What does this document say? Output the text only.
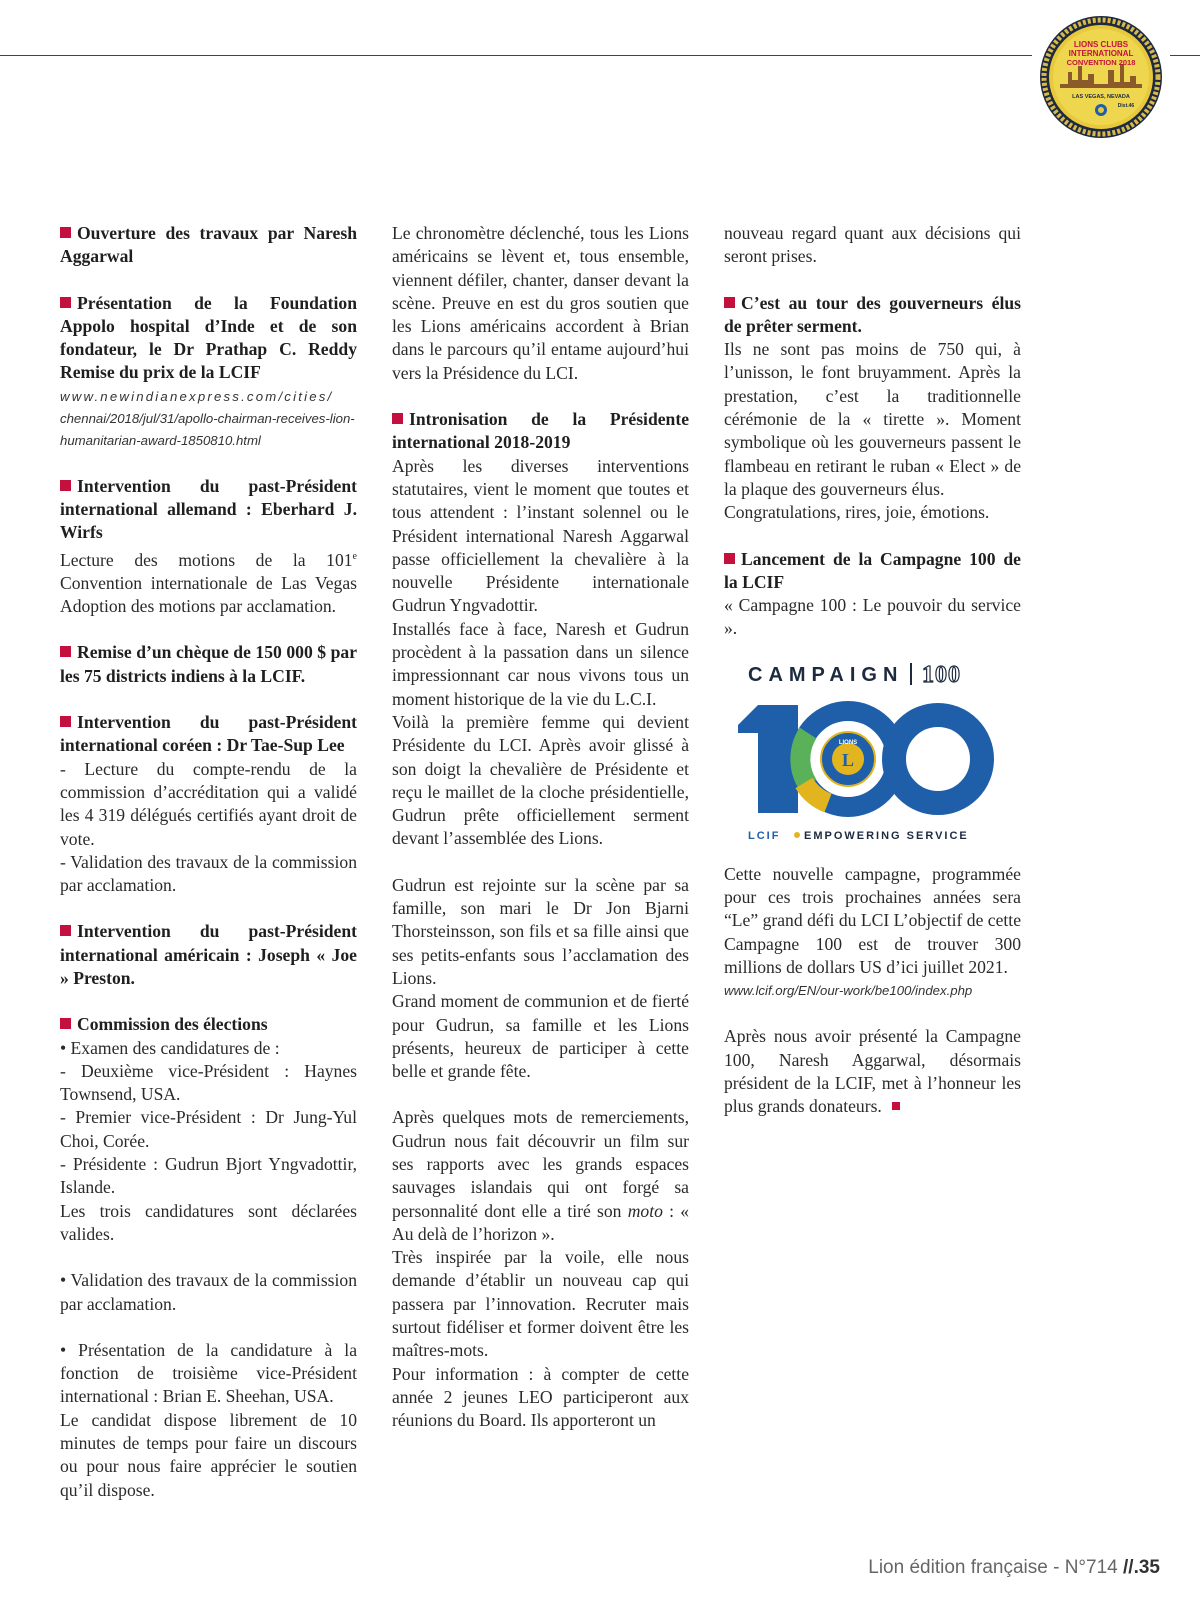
LIONS CLUBS
INTERNATIONAL
CONVENTION 2018
LAS VEGAS, NEVADA
Dist.46

Ouverture des travaux par Naresh Aggarwal

Présentation de la Foundation Appolo hospital d’Inde et de son fondateur, le Dr Prathap C. Reddy Remise du prix de la LCIF

www.newindianexpress.com/cities/

chennai/2018/jul/31/apollo-chairman-receives-lion-humanitarian-award-1850810.html

Intervention du past-Président international allemand : Eberhard J. Wirfs

Lecture des motions de la 101e Convention internationale de Las Vegas Adoption des motions par acclamation.

Remise d’un chèque de 150 000 $ par les 75 districts indiens à la LCIF.

Intervention du past-Président international coréen : Dr Tae-Sup Lee

- Lecture du compte-rendu de la commission d’accréditation qui a validé les 4 319 délégués certifiés ayant droit de vote.

- Validation des travaux de la commission par acclamation.

Intervention du past-Président international américain : Joseph « Joe » Preston.

Commission des élections

• Examen des candidatures de :

- Deuxième vice-Président : Haynes Townsend, USA.

- Premier vice-Président : Dr Jung-Yul Choi, Corée.

- Présidente : Gudrun Bjort Yngvadottir, Islande.

Les trois candidatures sont déclarées valides.

• Validation des travaux de la commission par acclamation.

• Présentation de la candidature à la fonction de troisième vice-Président international : Brian E. Sheehan, USA.

Le candidat dispose librement de 10 minutes de temps pour faire un discours ou pour nous faire apprécier le soutien qu’il dispose.

Le chronomètre déclenché, tous les Lions américains se lèvent et, tous ensemble, viennent défiler, chanter, danser devant la scène. Preuve en est du gros soutien que les Lions américains accordent à Brian dans le parcours qu’il entame aujourd’hui vers la Présidence du LCI.

Intronisation de la Présidente international 2018-2019

Après les diverses interventions statutaires, vient le moment que toutes et tous attendent : l’instant solennel ou le Président international Naresh Aggarwal passe officiellement la chevalière à la nouvelle Présidente internationale Gudrun Yngvadottir.

Installés face à face, Naresh et Gudrun procèdent à la passation dans un silence impressionnant car nous vivons tous un moment historique de la vie du L.C.I.

Voilà la première femme qui devient Présidente du LCI. Après avoir glissé à son doigt la chevalière de Présidente et reçu le maillet de la cloche présidentielle, Gudrun prête officiellement serment devant l’assemblée des Lions.

Gudrun est rejointe sur la scène par sa famille, son mari le Dr Jon Bjarni Thorsteinsson, son fils et sa fille ainsi que ses petits-enfants sous l’acclamation des Lions.

Grand moment de communion et de fierté pour Gudrun, sa famille et les Lions présents, heureux de participer à cette belle et grande fête.

Après quelques mots de remerciements, Gudrun nous fait découvrir un film sur ses rapports avec les grands espaces sauvages islandais qui ont forgé sa personnalité dont elle a tiré son moto : « Au delà de l’horizon ».

Très inspirée par la voile, elle nous demande d’établir un nouveau cap qui passera par l’innovation. Recruter mais surtout fidéliser et former doivent être les maîtres-mots.

Pour information : à compter de cette année 2 jeunes LEO participeront aux réunions du Board. Ils apporteront un

nouveau regard quant aux décisions qui seront prises.

C’est au tour des gouverneurs élus de prêter serment.

Ils ne sont pas moins de 750 qui, à l’unisson, le font bruyamment. Après la prestation, c’est la traditionnelle cérémonie de la « tirette ». Moment symbolique où les gouverneurs passent le flambeau en retirant le ruban « Elect » de la plaque des gouverneurs élus.

Congratulations, rires, joie, émotions.

Lancement de la Campagne 100 de la LCIF

« Campagne 100 : Le pouvoir du service ».

CAMPAIGN 100
LIONS
L
LCIF EMPOWERING SERVICE

Cette nouvelle campagne, programmée pour ces trois prochaines années sera “Le” grand défi du LCI L’objectif de cette Campagne 100 est de trouver 300 millions de dollars US d’ici juillet 2021.

www.lcif.org/EN/our-work/be100/index.php

Après nous avoir présenté la Campagne 100, Naresh Aggarwal, désormais président de la LCIF, met à l’honneur les plus grands donateurs.

Lion édition française - N°714 //.35
